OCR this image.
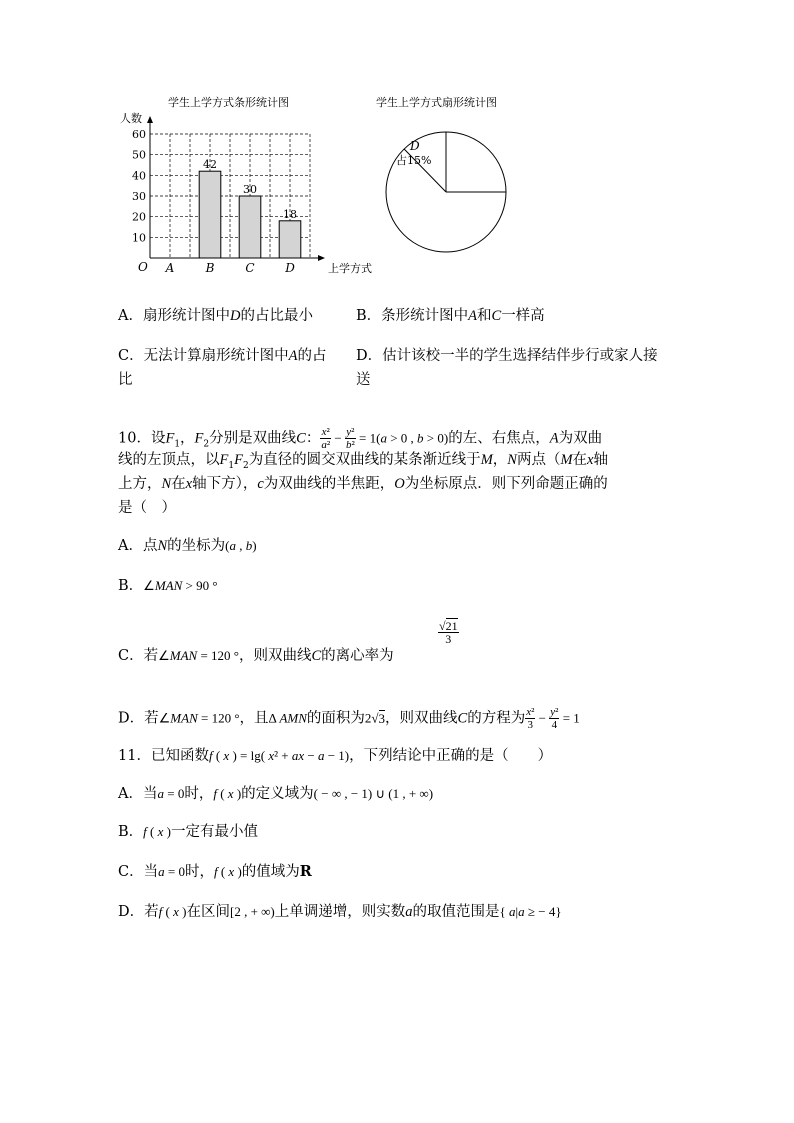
学生上学方式条形统计图
人数
10
20
30
40
50
60
42
30
18
A	B	C	D
O	上学方式
学生上学方式扇形统计图
D
占15%
A．扇形统计图中D的占比最小	B．条形统计图中A和C一样高
C．无法计算扇形统计图中A的占
比
D．估计该校一半的学生选择结伴步行或家人接
送
10．设$F_1$，$F_2$分别是双曲线C： $\frac{\text{x²}}{\text{a²}} - \frac{\text{y²}}{\text{b²}} = 1(a > 0$ , b > 0)的左、右焦点，A为双曲
线的左顶点，以$F_1F_2$为直径的圆交双曲线的某条渐近线于M，N两点（M在x轴
上方，N在x轴下方），c为双曲线的半焦距，O为坐标原点．则下列命题正确的
是（　）
A．点N的坐标为(a , b)
B．∠MAN > 90 °
C．若∠MAN = 120 °，则双曲线C的离心率为
$\frac{√21}{3}$
D．若∠MAN = 120 °，且Δ AMN的面积为2√3，则双曲线C的方程为 $\frac{\text{x²}}{3} - \frac{\text{y²}}{4} = 1$
11．已知函数f ( x ) = lg( x² + ax − a − 1)，下列结论中正确的是（　　）
A．当a = 0时，f ( x )的定义域为( − ∞ , − 1) ∪ (1 , + ∞)
B．f ( x )一定有最小值
C．当a = 0时，f ( x )的值域为R
D．若f ( x )在区间[2 , + ∞)上单调递增，则实数a的取值范围是{ a|a ≥ − 4}
